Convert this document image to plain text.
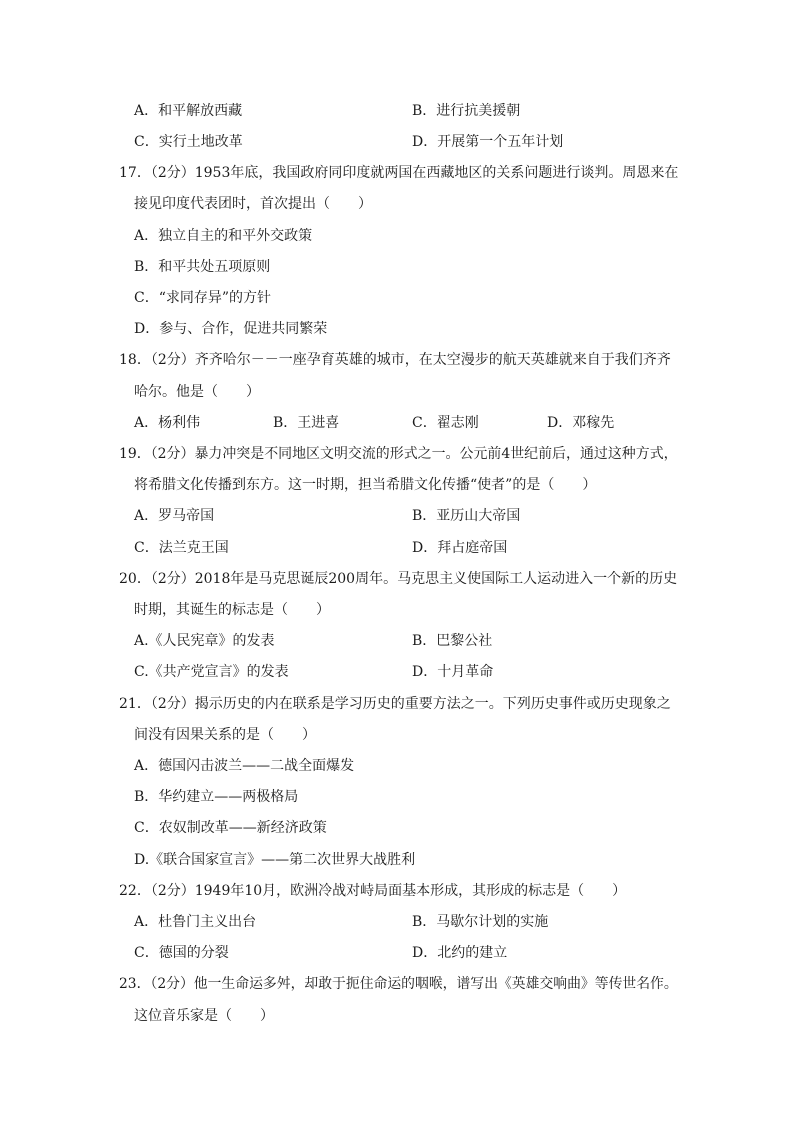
A．和平解放西藏	B．进行抗美援朝
C．实行土地改革	D．开展第一个五年计划
17．（2分）1953年底，我国政府同印度就两国在西藏地区的关系问题进行谈判。周恩来在
接见印度代表团时，首次提出（　　）
A．独立自主的和平外交政策
B．和平共处五项原则
C．“求同存异”的方针
D．参与、合作，促进共同繁荣
18．（2分）齐齐哈尔－－一座孕育英雄的城市，在太空漫步的航天英雄就来自于我们齐齐
哈尔。他是（　　）
A．杨利伟	B．王进喜	C．翟志刚	D．邓稼先
19．（2分）暴力冲突是不同地区文明交流的形式之一。公元前4世纪前后，通过这种方式，
将希腊文化传播到东方。这一时期，担当希腊文化传播“使者”的是（　　）
A．罗马帝国	B．亚历山大帝国
C．法兰克王国	D．拜占庭帝国
20．（2分）2018年是马克思诞辰200周年。马克思主义使国际工人运动进入一个新的历史
时期，其诞生的标志是（　　）
A.《人民宪章》的发表	B．巴黎公社
C.《共产党宣言》的发表	D．十月革命
21．（2分）揭示历史的内在联系是学习历史的重要方法之一。下列历史事件或历史现象之
间没有因果关系的是（　　）
A．德国闪击波兰——二战全面爆发
B．华约建立——两极格局
C．农奴制改革——新经济政策
D.《联合国家宣言》——第二次世界大战胜利
22．（2分）1949年10月，欧洲冷战对峙局面基本形成，其形成的标志是（　　）
A．杜鲁门主义出台	B．马歇尔计划的实施
C．德国的分裂	D．北约的建立
23．（2分）他一生命运多舛，却敢于扼住命运的咽喉，谱写出《英雄交响曲》等传世名作。
这位音乐家是（　　）
